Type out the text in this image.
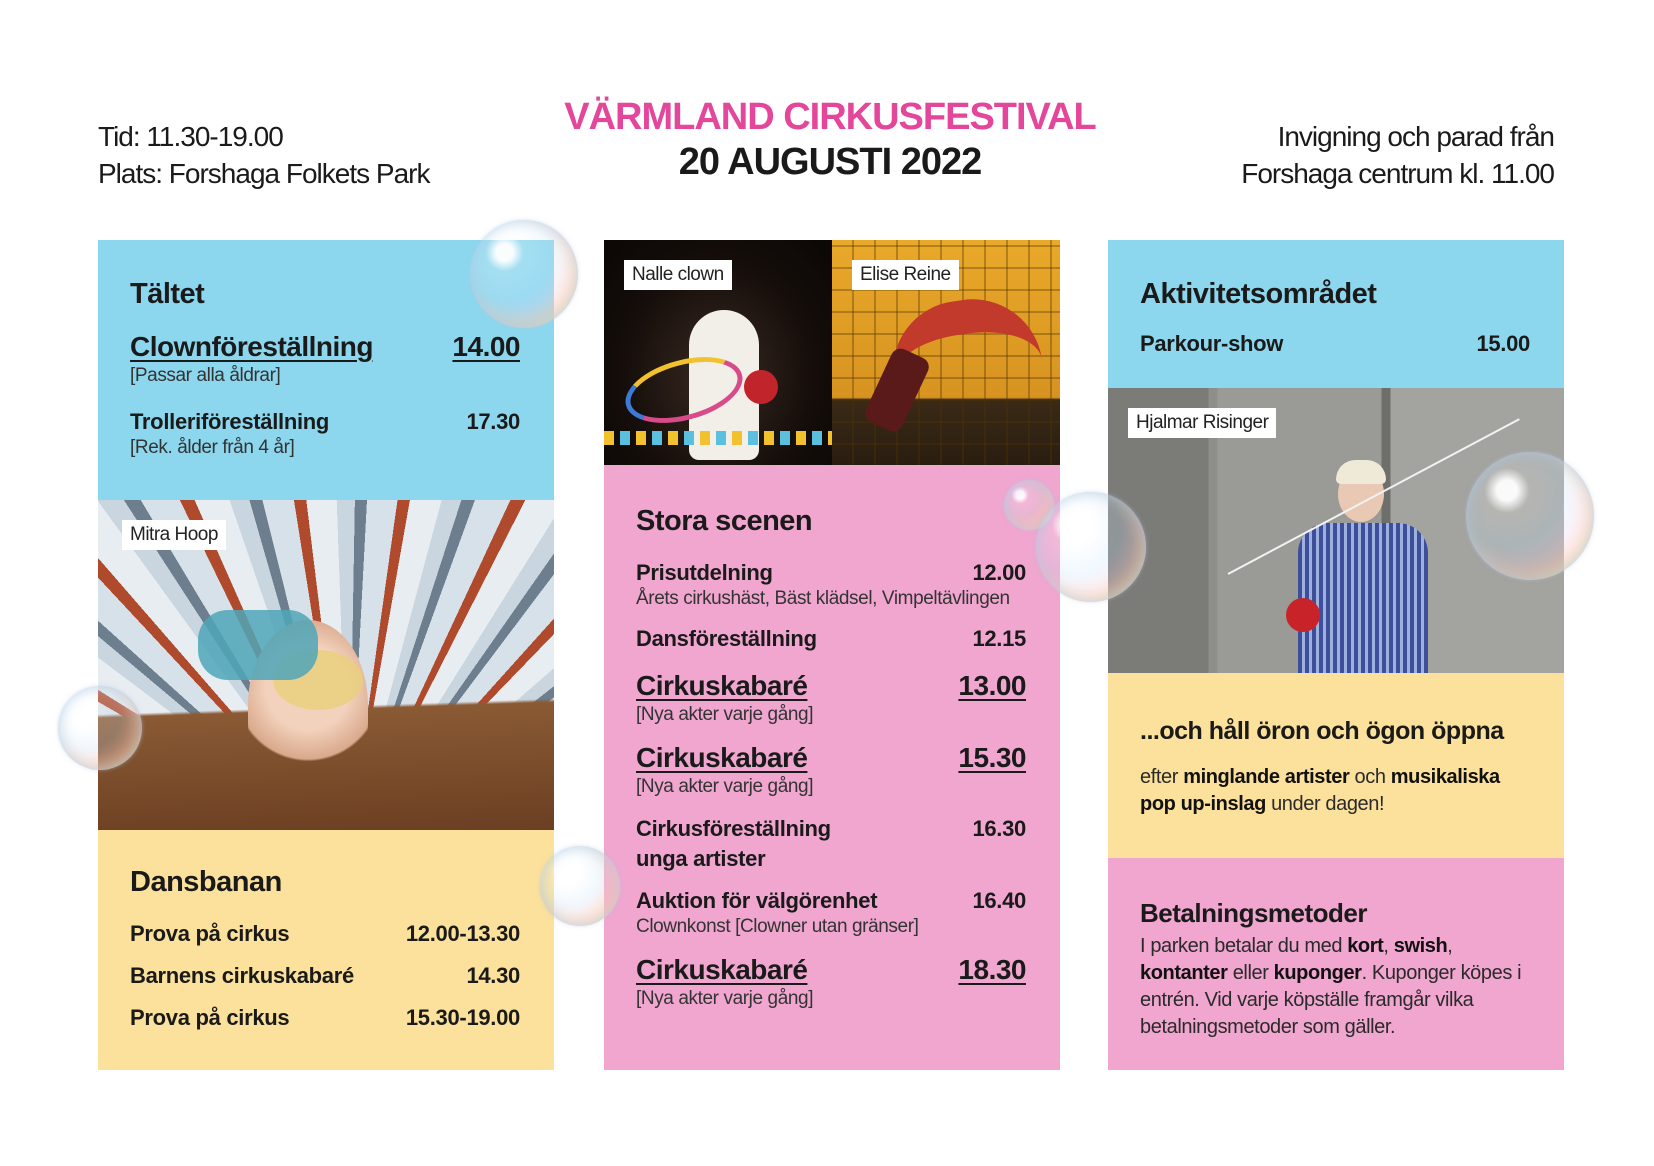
Tid: 11.30-19.00
Plats: Forshaga Folkets Park
VÄRMLAND CIRKUSFESTIVAL
20 AUGUSTI 2022
Invigning och parad från
Forshaga centrum kl. 11.00
Tältet
Clownföreställning	14.00
[Passar alla åldrar]
Trolleriföreställning	17.30
[Rek. ålder från 4 år]
Mitra Hoop
Dansbanan
Prova på cirkus	12.00-13.30
Barnens cirkuskabaré	14.30
Prova på cirkus	15.30-19.00
Nalle clown	Elise Reine
Stora scenen
Prisutdelning	12.00
Årets cirkushäst, Bäst klädsel, Vimpeltävlingen
Dansföreställning	12.15
Cirkuskabaré	13.00
[Nya akter varje gång]
Cirkuskabaré	15.30
[Nya akter varje gång]
Cirkusföreställning	16.30
unga artister
Auktion för välgörenhet	16.40
Clownkonst [Clowner utan gränser]
Cirkuskabaré	18.30
[Nya akter varje gång]
Aktivitetsområdet
Parkour-show	15.00
Hjalmar Risinger
...och håll öron och ögon öppna
efter minglande artister och musikaliska pop up-inslag under dagen!
Betalningsmetoder
I parken betalar du med kort, swish, kontanter eller kuponger. Kuponger köpes i entrén. Vid varje köpställe framgår vilka betalningsmetoder som gäller.
